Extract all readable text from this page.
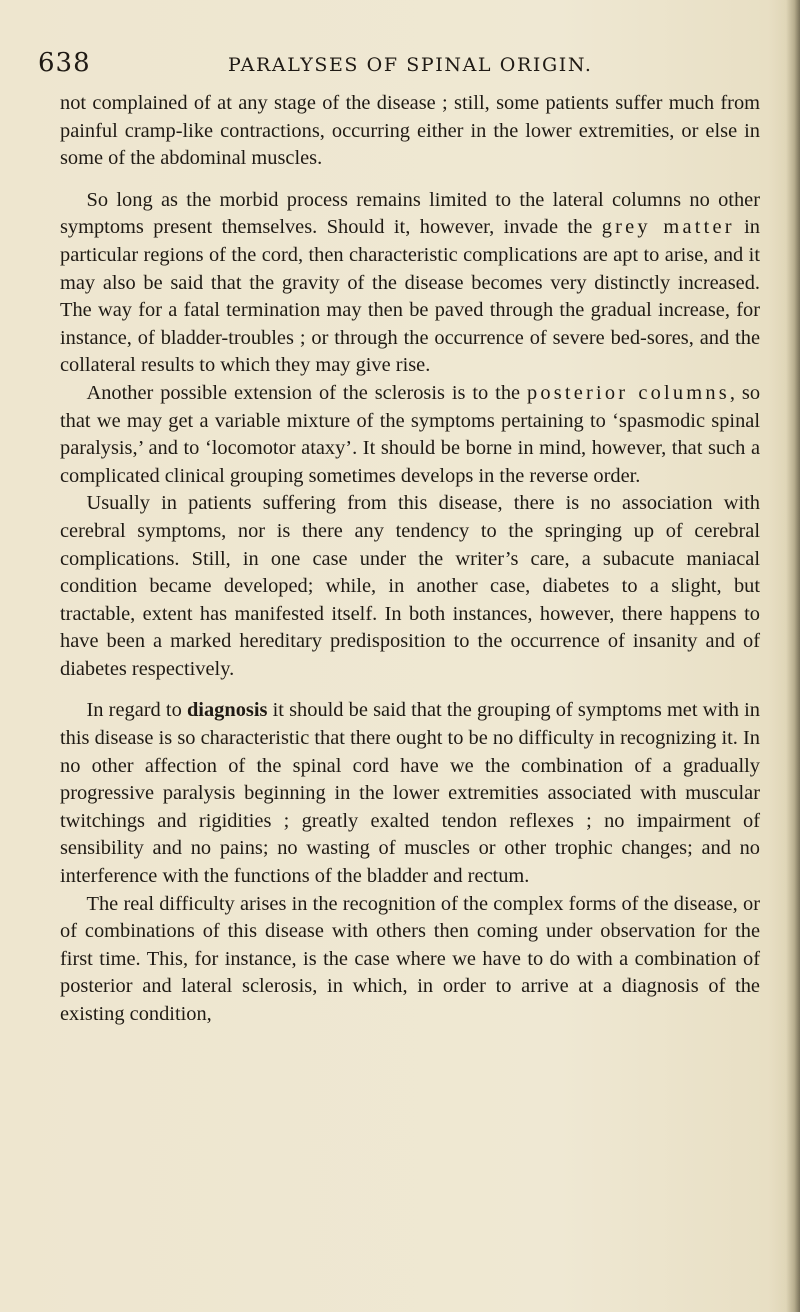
638	PARALYSES OF SPINAL ORIGIN.

not complained of at any stage of the disease ; still, some patients suffer much from painful cramp-like contractions, occurring either in the lower extremities, or else in some of the abdominal muscles.

So long as the morbid process remains limited to the lateral columns no other symptoms present themselves. Should it, however, invade the grey matter in particular regions of the cord, then characteristic complications are apt to arise, and it may also be said that the gravity of the disease becomes very distinctly increased. The way for a fatal termination may then be paved through the gradual increase, for instance, of bladder-troubles ; or through the occurrence of severe bed-sores, and the collateral results to which they may give rise.

Another possible extension of the sclerosis is to the posterior columns, so that we may get a variable mixture of the symptoms pertaining to ‘spasmodic spinal paralysis,’ and to ‘locomotor ataxy’. It should be borne in mind, however, that such a complicated clinical grouping sometimes develops in the reverse order.

Usually in patients suffering from this disease, there is no association with cerebral symptoms, nor is there any tendency to the springing up of cerebral complications. Still, in one case under the writer’s care, a subacute maniacal condition became developed; while, in another case, diabetes to a slight, but tractable, extent has manifested itself. In both instances, however, there happens to have been a marked hereditary predisposition to the occurrence of insanity and of diabetes respectively.

In regard to diagnosis it should be said that the grouping of symptoms met with in this disease is so characteristic that there ought to be no difficulty in recognizing it. In no other affection of the spinal cord have we the combination of a gradually progressive paralysis beginning in the lower extremities associated with muscular twitchings and rigidities ; greatly exalted tendon reflexes ; no impairment of sensibility and no pains; no wasting of muscles or other trophic changes; and no interference with the functions of the bladder and rectum.

The real difficulty arises in the recognition of the complex forms of the disease, or of combinations of this disease with others then coming under observation for the first time. This, for instance, is the case where we have to do with a combination of posterior and lateral sclerosis, in which, in order to arrive at a diagnosis of the existing condition,
